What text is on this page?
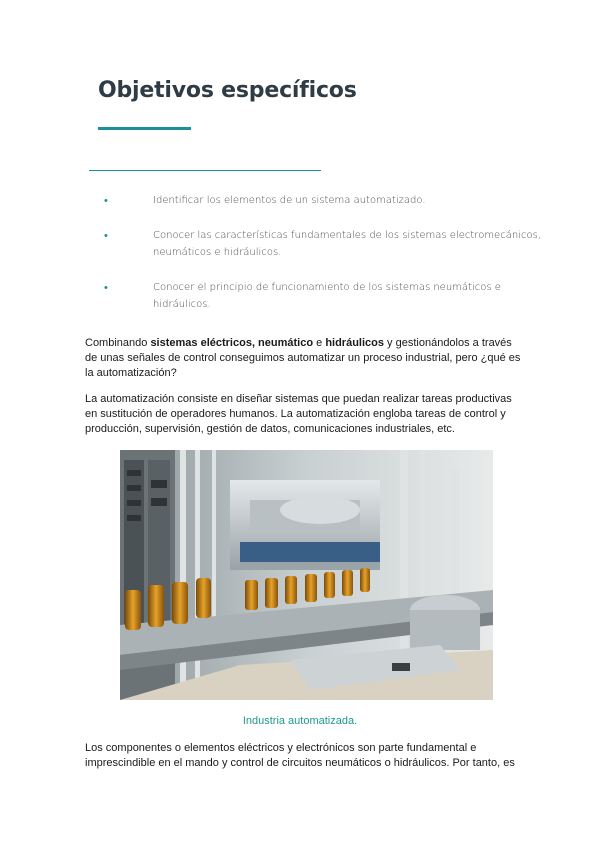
Objetivos específicos
•	Identificar los elementos de un sistema automatizado.
•	Conocer las características fundamentales de los sistemas electromecánicos, neumáticos e hidráulicos.
•	Conocer el principio de funcionamiento de los sistemas neumáticos e hidráulicos.

Combinando sistemas eléctricos, neumático e hidráulicos y gestionándolos a través de unas señales de control conseguimos automatizar un proceso industrial, pero ¿qué es la automatización?

La automatización consiste en diseñar sistemas que puedan realizar tareas productivas en sustitución de operadores humanos. La automatización engloba tareas de control y producción, supervisión, gestión de datos, comunicaciones industriales, etc.

Industria automatizada.

Los componentes o elementos eléctricos y electrónicos son parte fundamental e imprescindible en el mando y control de circuitos neumáticos o hidráulicos. Por tanto, es
